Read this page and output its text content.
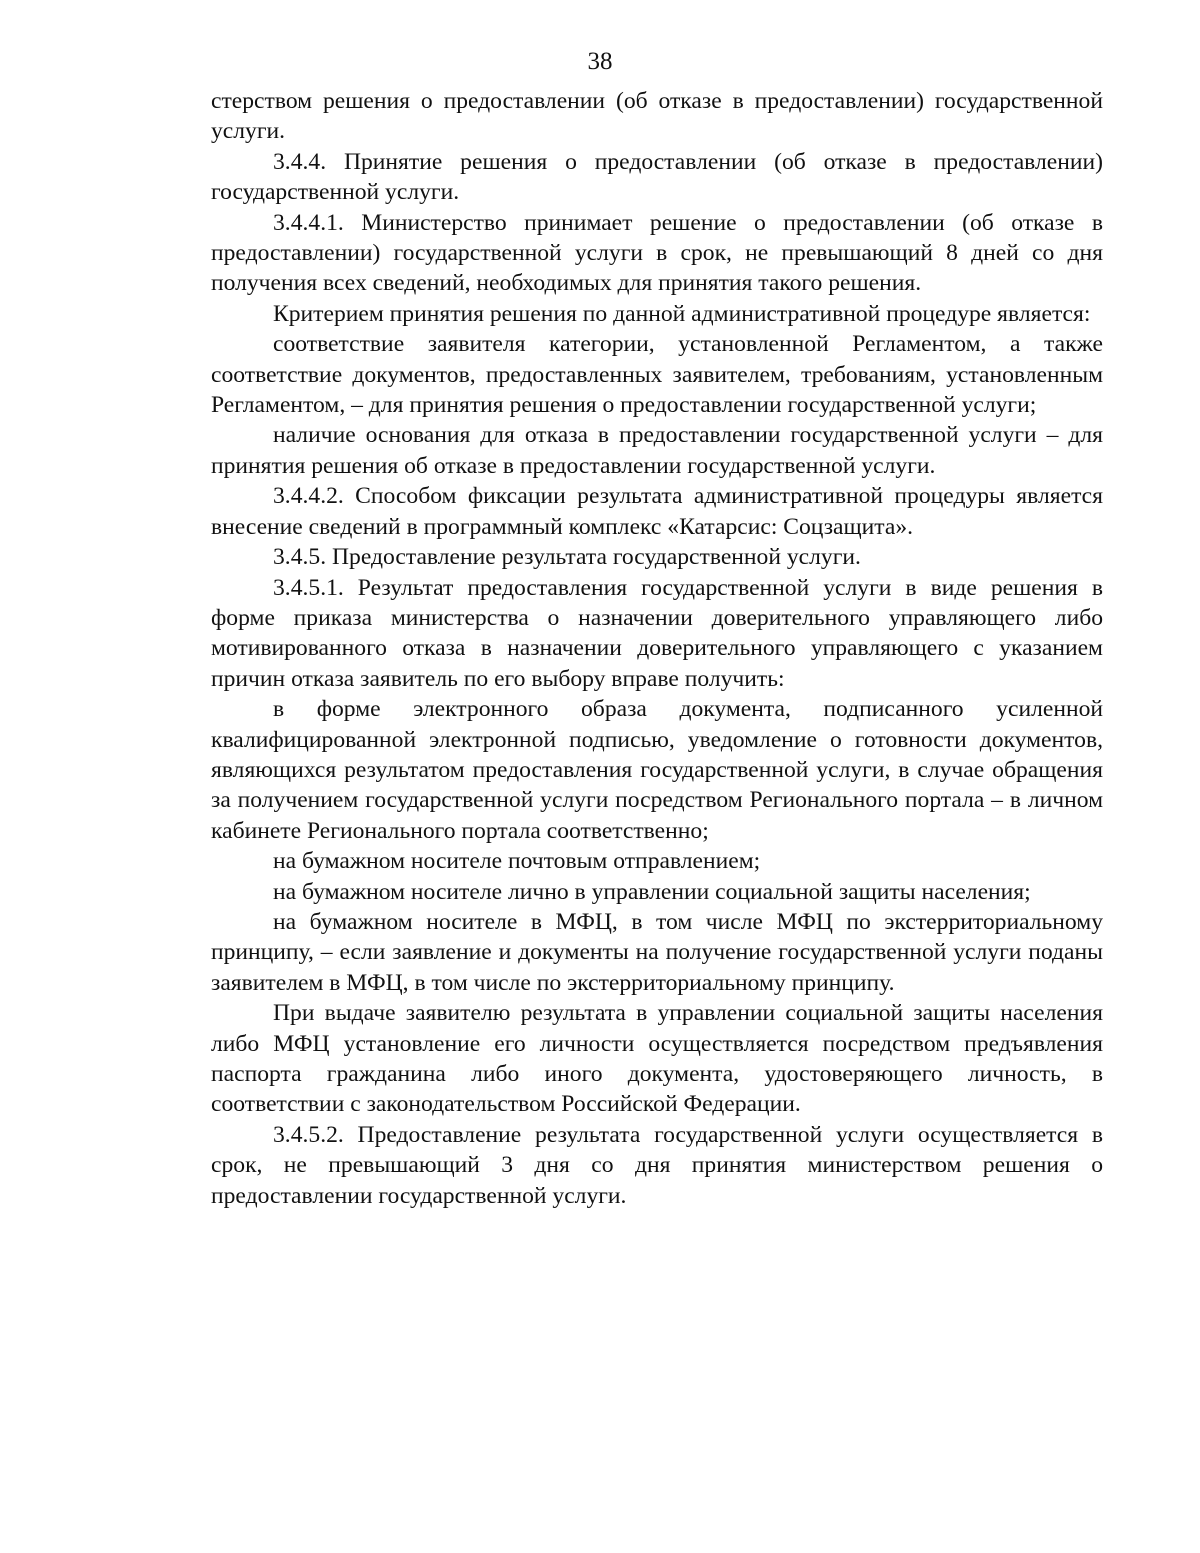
38

стерством решения о предоставлении (об отказе в предоставлении) государственной услуги.

3.4.4. Принятие решения о предоставлении (об отказе в предоставлении) государственной услуги.

3.4.4.1. Министерство принимает решение о предоставлении (об отказе в предоставлении) государственной услуги в срок, не превышающий 8 дней со дня получения всех сведений, необходимых для принятия такого решения.

Критерием принятия решения по данной административной процедуре является:

соответствие заявителя категории, установленной Регламентом, а также соответствие документов, предоставленных заявителем, требованиям, установленным Регламентом, – для принятия решения о предоставлении государственной услуги;

наличие основания для отказа в предоставлении государственной услуги – для принятия решения об отказе в предоставлении государственной услуги.

3.4.4.2. Способом фиксации результата административной процедуры является внесение сведений в программный комплекс «Катарсис: Соцзащита».

3.4.5. Предоставление результата государственной услуги.

3.4.5.1. Результат предоставления государственной услуги в виде решения в форме приказа министерства о назначении доверительного управляющего либо мотивированного отказа в назначении доверительного управляющего с указанием причин отказа заявитель по его выбору вправе получить:

в форме электронного образа документа, подписанного усиленной квалифицированной электронной подписью, уведомление о готовности документов, являющихся результатом предоставления государственной услуги, в случае обращения за получением государственной услуги посредством Регионального портала – в личном кабинете Регионального портала соответственно;

на бумажном носителе почтовым отправлением;

на бумажном носителе лично в управлении социальной защиты населения;

на бумажном носителе в МФЦ, в том числе МФЦ по экстерриториальному принципу, – если заявление и документы на получение государственной услуги поданы заявителем в МФЦ, в том числе по экстерриториальному принципу.

При выдаче заявителю результата в управлении социальной защиты населения либо МФЦ установление его личности осуществляется посредством предъявления паспорта гражданина либо иного документа, удостоверяющего личность, в соответствии с законодательством Российской Федерации.

3.4.5.2. Предоставление результата государственной услуги осуществляется в срок, не превышающий 3 дня со дня принятия министерством решения о предоставлении государственной услуги.
